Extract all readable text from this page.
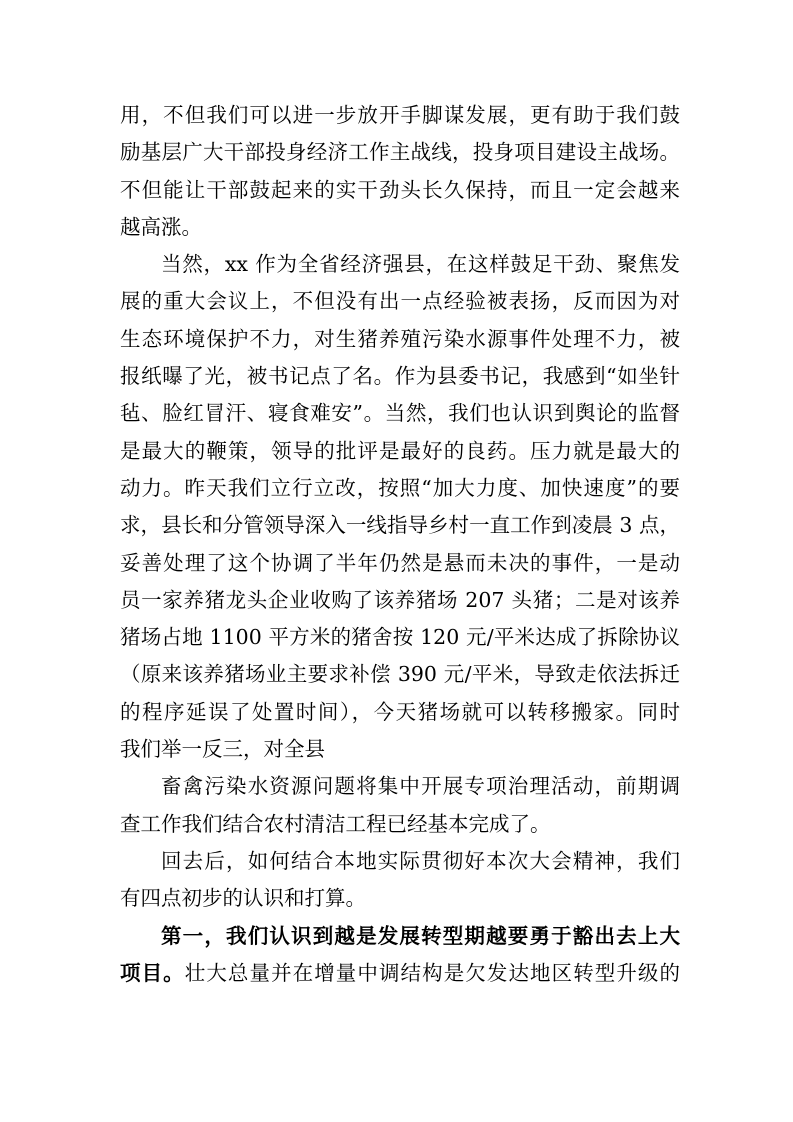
用，不但我们可以进一步放开手脚谋发展，更有助于我们鼓
励基层广大干部投身经济工作主战线，投身项目建设主战场。
不但能让干部鼓起来的实干劲头长久保持，而且一定会越来
越高涨。
当然，xx 作为全省经济强县，在这样鼓足干劲、聚焦发
展的重大会议上，不但没有出一点经验被表扬，反而因为对
生态环境保护不力，对生猪养殖污染水源事件处理不力，被
报纸曝了光，被书记点了名。作为县委书记，我感到“如坐针
毡、脸红冒汗、寝食难安”。当然，我们也认识到舆论的监督
是最大的鞭策，领导的批评是最好的良药。压力就是最大的
动力。昨天我们立行立改，按照“加大力度、加快速度”的要
求，县长和分管领导深入一线指导乡村一直工作到凌晨 3 点，
妥善处理了这个协调了半年仍然是悬而未决的事件，一是动
员一家养猪龙头企业收购了该养猪场 207 头猪；二是对该养
猪场占地 1100 平方米的猪舍按 120 元/平米达成了拆除协议
（原来该养猪场业主要求补偿 390 元/平米，导致走依法拆迁
的程序延误了处置时间），今天猪场就可以转移搬家。同时
我们举一反三，对全县
畜禽污染水资源问题将集中开展专项治理活动，前期调
查工作我们结合农村清洁工程已经基本完成了。
回去后，如何结合本地实际贯彻好本次大会精神，我们
有四点初步的认识和打算。
第一，我们认识到越是发展转型期越要勇于豁出去上大
项目。壮大总量并在增量中调结构是欠发达地区转型升级的
